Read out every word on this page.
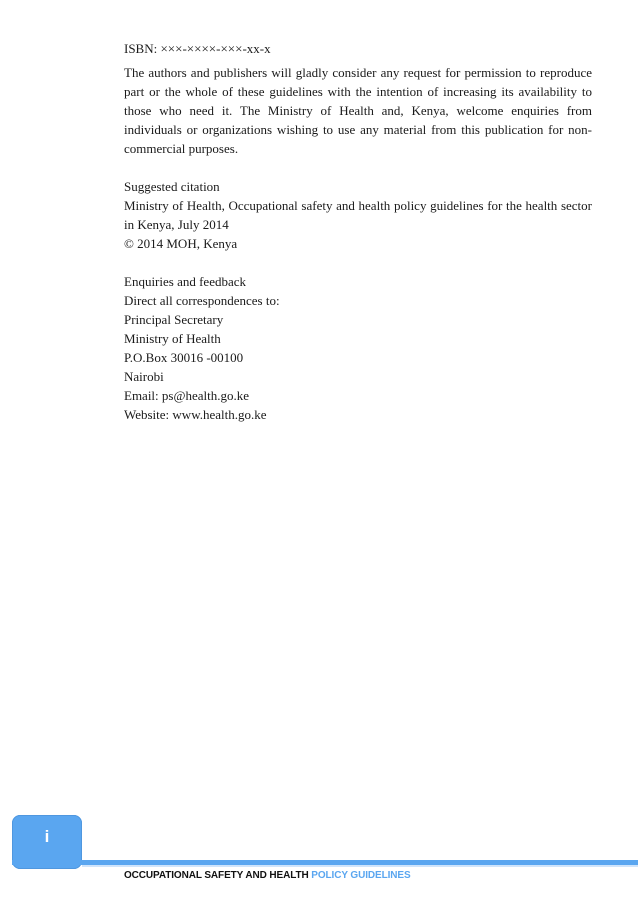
ISBN: ×××-××××-×××-xx-x

The authors and publishers will gladly consider any request for permission to reproduce part or the whole of these guidelines with the intention of increasing its availability to those who need it. The Ministry of Health and, Kenya, welcome enquiries from individuals or organizations wishing to use any material from this publication for non-commercial purposes.

Suggested citation

Ministry of Health, Occupational safety and health policy guidelines for the health sector in Kenya, July 2014

© 2014 MOH, Kenya
Enquiries and feedback
Direct all correspondences to:
Principal Secretary
Ministry of Health
P.O.Box 30016 -00100
Nairobi
Email: ps@health.go.ke
Website: www.health.go.ke
i
OCCUPATIONAL SAFETY AND HEALTH POLICY GUIDELINES
